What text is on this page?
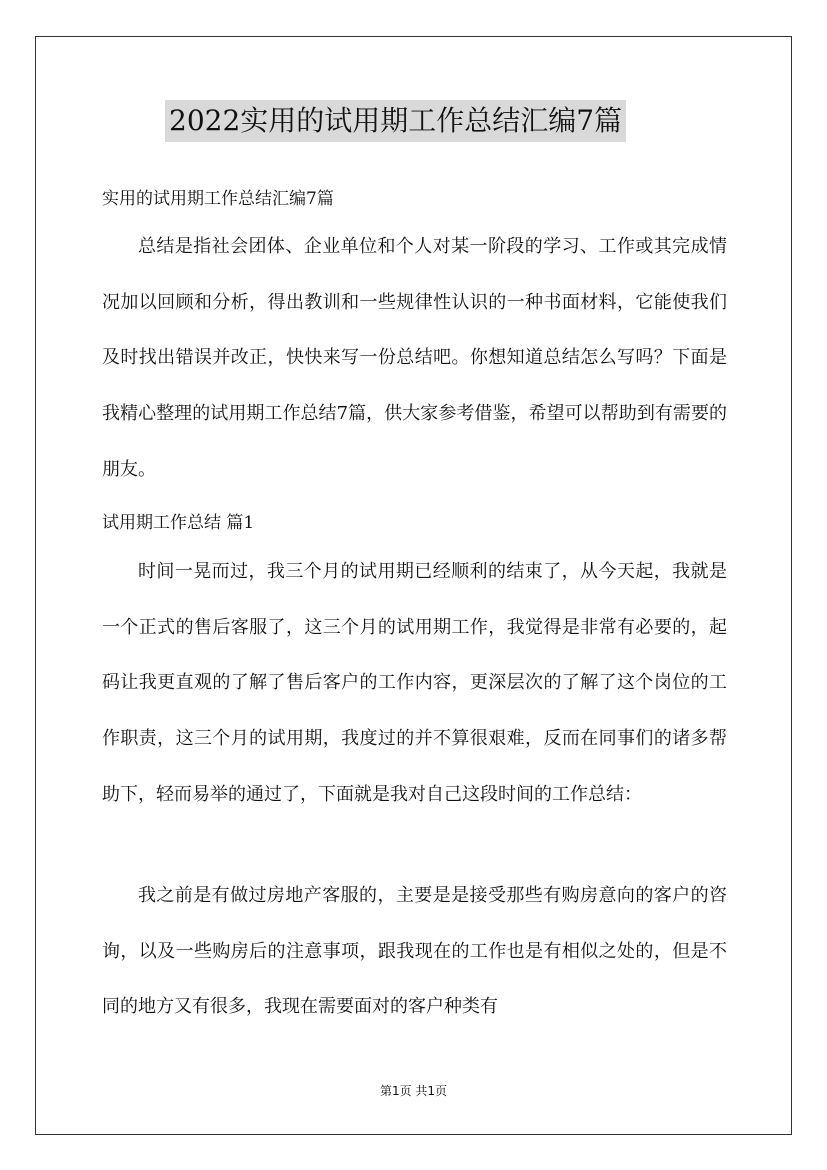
2022实用的试用期工作总结汇编7篇
实用的试用期工作总结汇编7篇

总结是指社会团体、企业单位和个人对某一阶段的学习、工作或其完成情况加以回顾和分析，得出教训和一些规律性认识的一种书面材料，它能使我们及时找出错误并改正，快快来写一份总结吧。你想知道总结怎么写吗？下面是我精心整理的试用期工作总结7篇，供大家参考借鉴，希望可以帮助到有需要的朋友。

试用期工作总结 篇1

时间一晃而过，我三个月的试用期已经顺利的结束了，从今天起，我就是一个正式的售后客服了，这三个月的试用期工作，我觉得是非常有必要的，起码让我更直观的了解了售后客户的工作内容，更深层次的了解了这个岗位的工作职责，这三个月的试用期，我度过的并不算很艰难，反而在同事们的诸多帮助下，轻而易举的通过了，下面就是我对自己这段时间的工作总结：

我之前是有做过房地产客服的，主要是是接受那些有购房意向的客户的咨询，以及一些购房后的注意事项，跟我现在的工作也是有相似之处的，但是不同的地方又有很多，我现在需要面对的客户种类有

第1页 共1页
